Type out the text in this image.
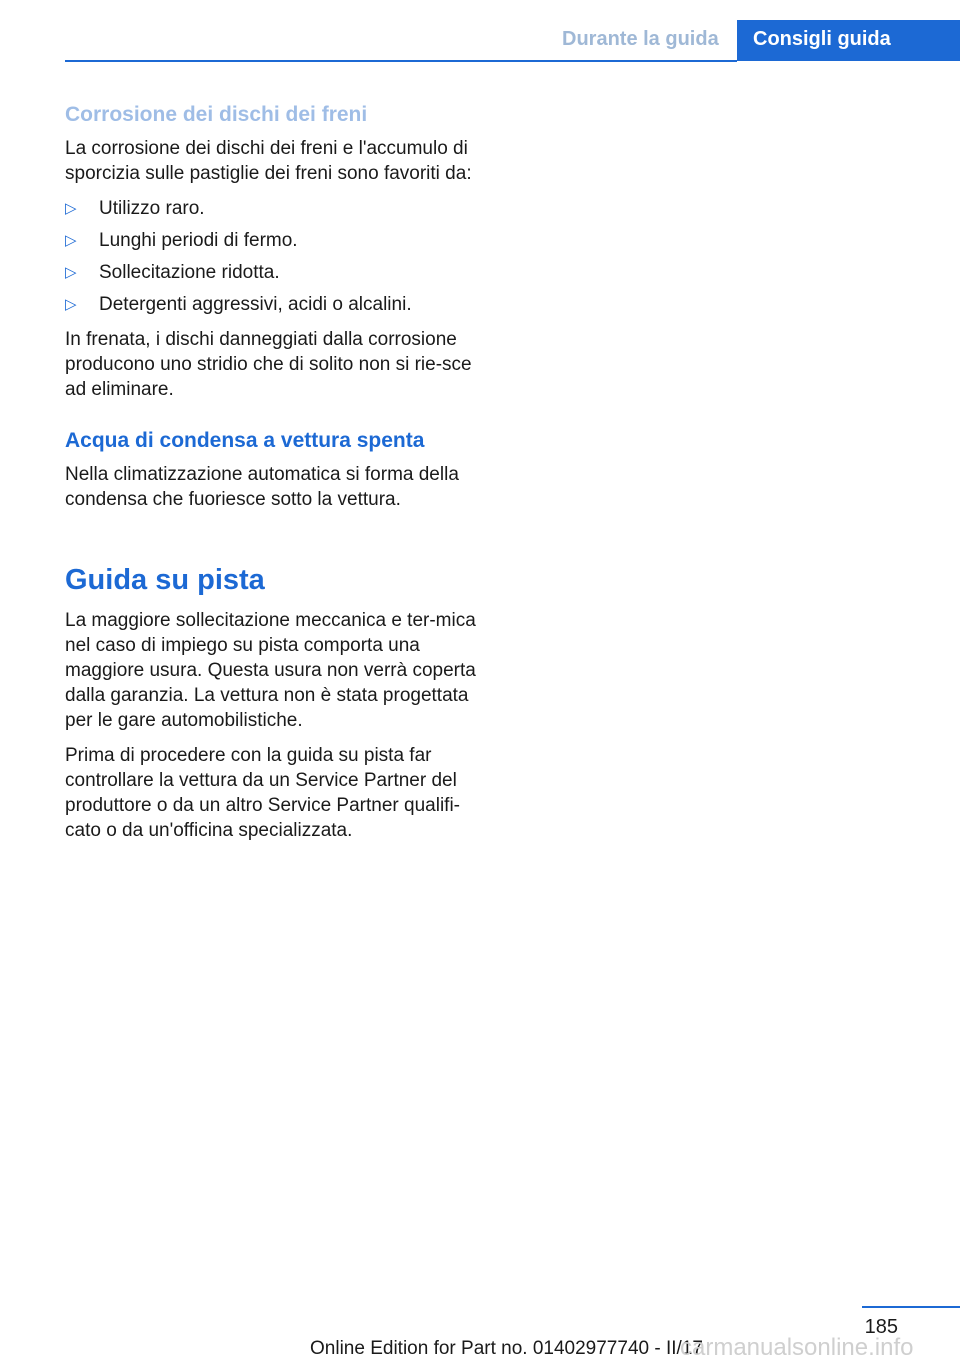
Durante la guida	Consigli guida
Corrosione dei dischi dei freni

La corrosione dei dischi dei freni e l'accumulo di sporcizia sulle pastiglie dei freni sono favoriti da:

▷ Utilizzo raro.
▷ Lunghi periodi di fermo.
▷ Sollecitazione ridotta.
▷ Detergenti aggressivi, acidi o alcalini.

In frenata, i dischi danneggiati dalla corrosione producono uno stridio che di solito non si rie-sce ad eliminare.

Acqua di condensa a vettura spenta

Nella climatizzazione automatica si forma della condensa che fuoriesce sotto la vettura.

Guida su pista

La maggiore sollecitazione meccanica e ter-mica nel caso di impiego su pista comporta una maggiore usura. Questa usura non verrà coperta dalla garanzia. La vettura non è stata progettata per le gare automobilistiche.

Prima di procedere con la guida su pista far controllare la vettura da un Service Partner del produttore o da un altro Service Partner qualifi-cato o da un'officina specializzata.

185
Online Edition for Part no. 01402977740 - II/17
carmanualsonline.info
